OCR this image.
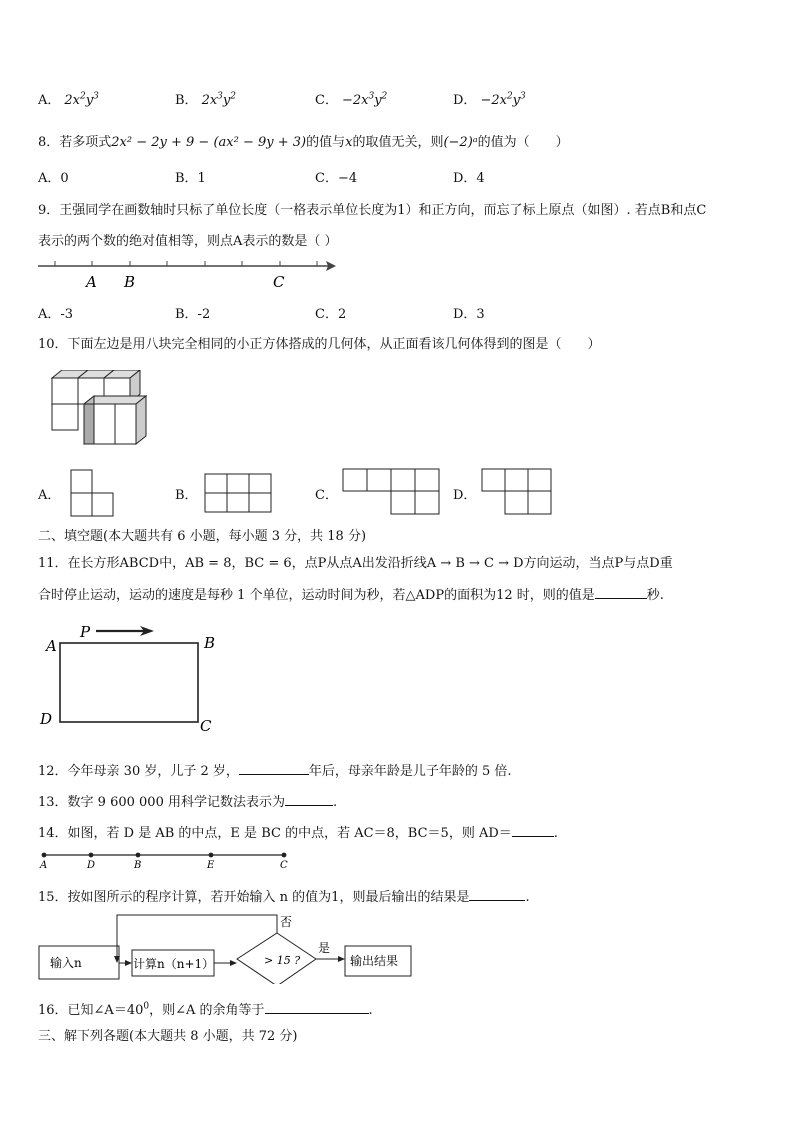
A． $2x^2y^3$	B． $2x^3y^2$	C． $-2x^3y^2$	D． $-2x^2y^3$
8．若多项式2x² − 2y + 9 − (ax² − 9y + 3)的值与x的取值无关，则(−2)ᵃ的值为（　　）
A．0	B．1	C．−4	D．4
9．王强同学在画数轴时只标了单位长度（一格表示单位长度为1）和正方向，而忘了标上原点（如图）. 若点B和点C
表示的两个数的绝对值相等，则点A表示的数是（ ）
A B	C
A．-3	B．-2	C．2	D．3
10．下面左边是用八块完全相同的小正方体搭成的几何体，从正面看该几何体得到的图是（　　）
A．	B．	C．	D．
二、填空题(本大题共有 6 小题，每小题 3 分，共 18 分)
11．在长方形ABCD中，AB = 8，BC = 6，点P从点A出发沿折线A → B → C → D方向运动，当点P与点D重
合时停止运动，运动的速度是每秒 1 个单位，运动时间为秒，若△ADP的面积为12 时，则的值是	秒.
P
A	B
D	C
12．今年母亲 30 岁，儿子 2 岁，	年后，母亲年龄是儿子年龄的 5 倍.
13．数字 9 600 000 用科学记数法表示为	.
14．如图，若 D 是 AB 的中点，E 是 BC 的中点，若 AC＝8，BC＝5，则 AD＝	.
A	D	B	E	C
15．按如图所示的程序计算，若开始输入 n 的值为1，则最后输出的结果是	.
输入n	计算n（n+1）	> 15 ?
是
否
输出结果
16．已知$\angle A=40^0$，则∠A 的余角等于	.
三、解下列各题(本大题共 8 小题，共 72 分)
